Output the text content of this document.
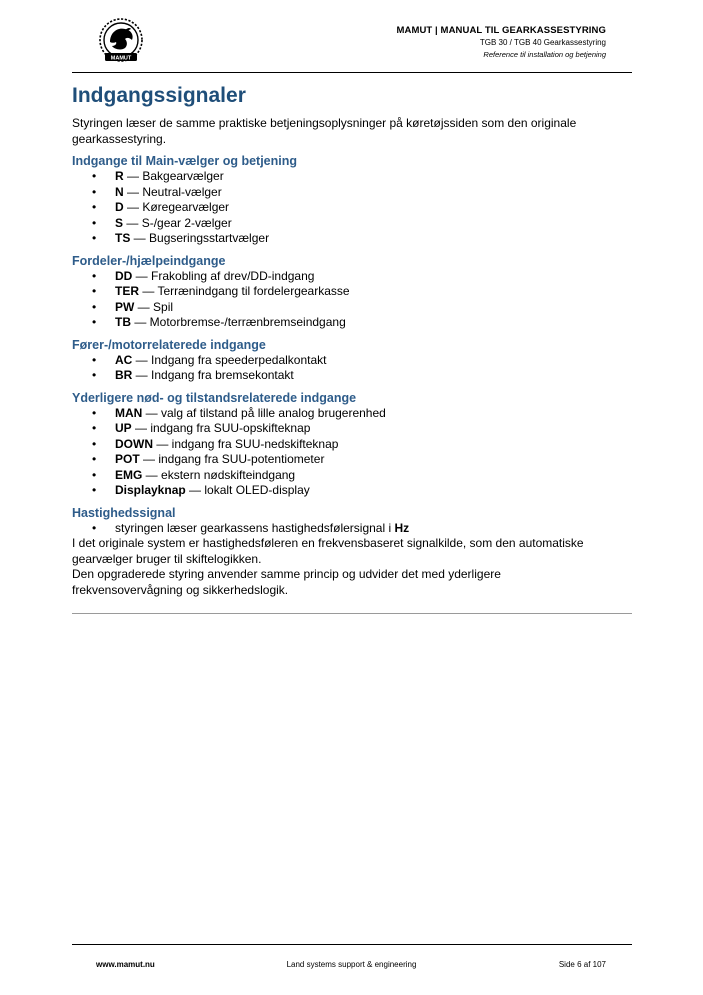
MAMUT
MAMUT | MANUAL TIL GEARKASSESTYRING
TGB 30 / TGB 40 Gearkassestyring
Reference til installation og betjening
Indgangssignaler

Styringen læser de samme praktiske betjeningsoplysninger på køretøjssiden som den originale gearkassestyring.

Indgange til Main-vælger og betjening
• R — Bakgearvælger
• N — Neutral-vælger
• D — Køregearvælger
• S — S-/gear 2-vælger
• TS — Bugseringsstartvælger
Fordeler-/hjælpeindgange
• DD — Frakobling af drev/DD-indgang
• TER — Terrænindgang til fordelergearkasse
• PW — Spil
• TB — Motorbremse-/terrænbremseindgang
Fører-/motorrelaterede indgange
• AC — Indgang fra speederpedalkontakt
• BR — Indgang fra bremsekontakt
Yderligere nød- og tilstandsrelaterede indgange
• MAN — valg af tilstand på lille analog brugerenhed
• UP — indgang fra SUU-opskifteknap
• DOWN — indgang fra SUU-nedskifteknap
• POT — indgang fra SUU-potentiometer
• EMG — ekstern nødskifteindgang
• Displayknap — lokalt OLED-display
Hastighedssignal
• styringen læser gearkassens hastighedsfølersignal i Hz

I det originale system er hastighedsføleren en frekvensbaseret signalkilde, som den automatiske gearvælger bruger til skiftelogikken.

Den opgraderede styring anvender samme princip og udvider det med yderligere frekvensovervågning og sikkerhedslogik.

www.mamut.nu	Land systems support & engineering	Side 6 af 107
